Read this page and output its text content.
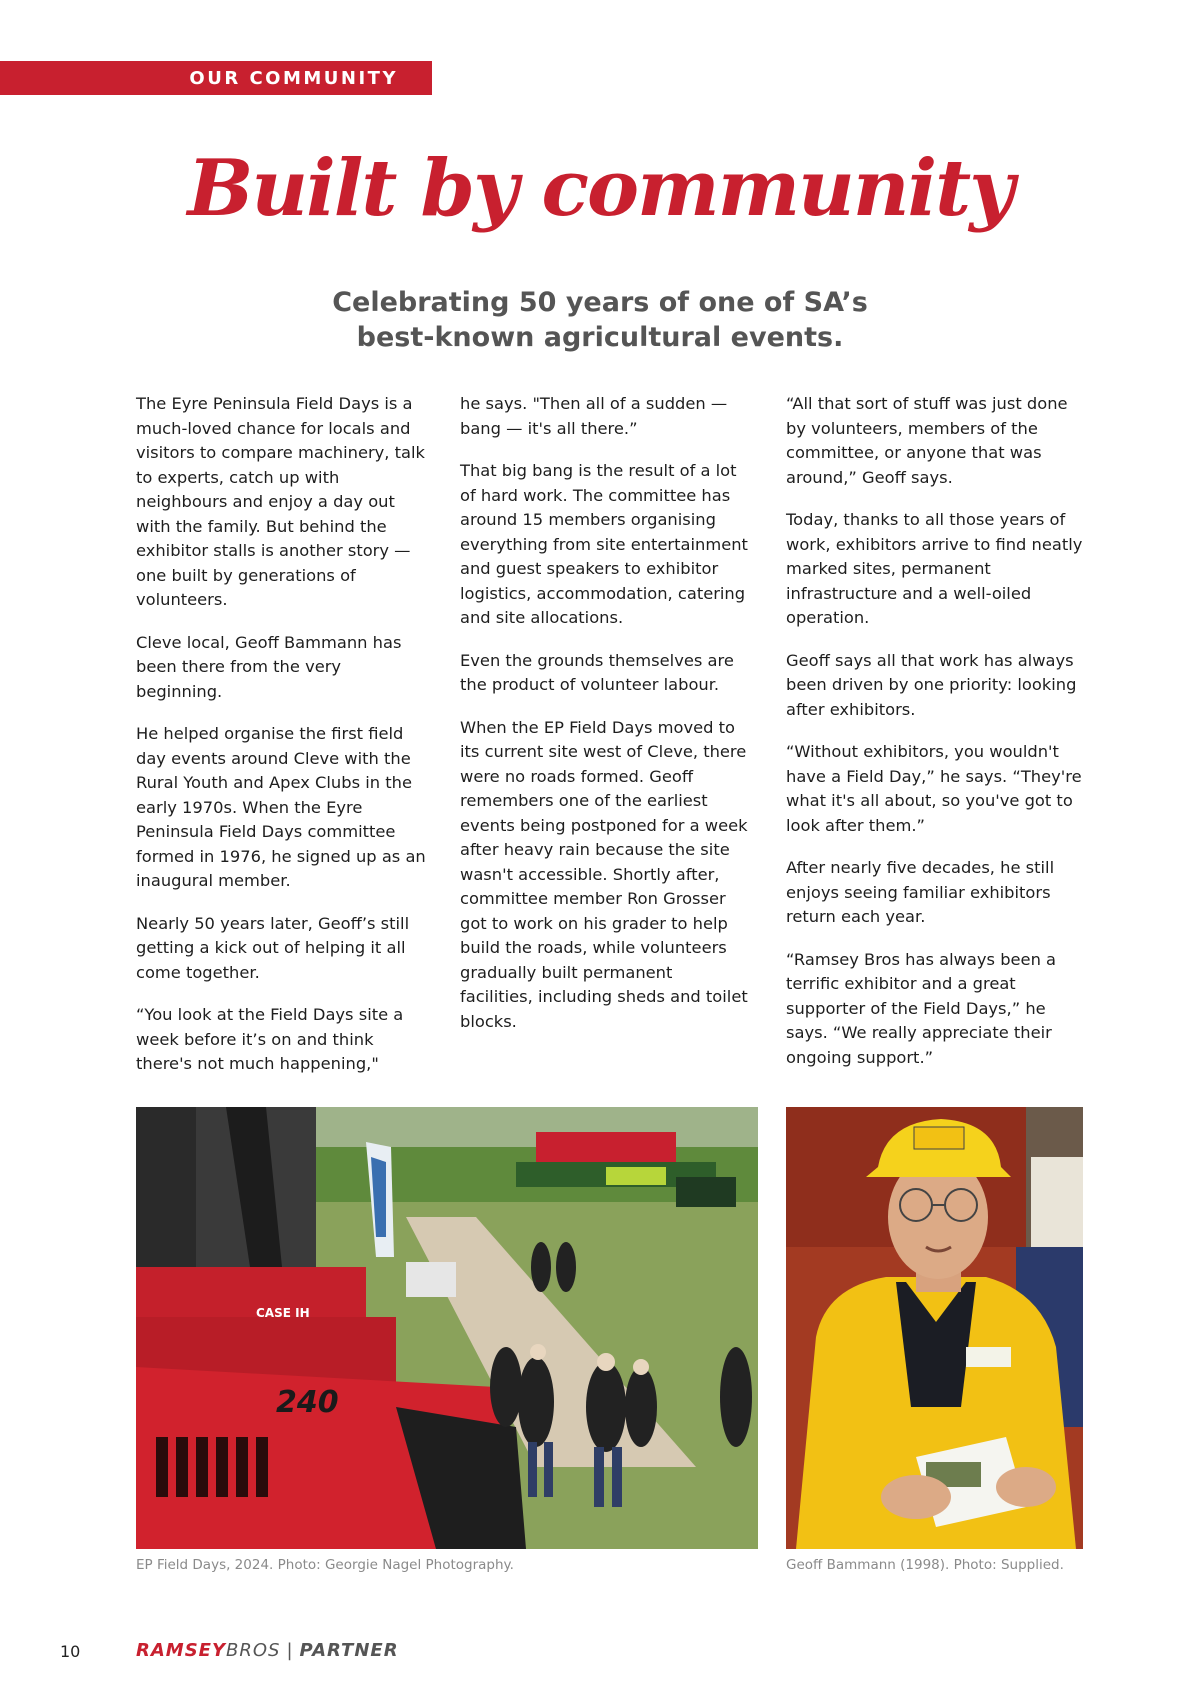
OUR COMMUNITY
Built by community
Celebrating 50 years of one of SA’s best-known agricultural events.

The Eyre Peninsula Field Days is a much-loved chance for locals and visitors to compare machinery, talk to experts, catch up with neighbours and enjoy a day out with the family. But behind the exhibitor stalls is another story — one built by generations of volunteers.

Cleve local, Geoff Bammann has been there from the very beginning.

He helped organise the first field day events around Cleve with the Rural Youth and Apex Clubs in the early 1970s. When the Eyre Peninsula Field Days committee formed in 1976, he signed up as an inaugural member.

Nearly 50 years later, Geoff’s still getting a kick out of helping it all come together.

“You look at the Field Days site a week before it’s on and think there's not much happening,"

he says. "Then all of a sudden — bang — it's all there.”

That big bang is the result of a lot of hard work. The committee has around 15 members organising everything from site entertainment and guest speakers to exhibitor logistics, accommodation, catering and site allocations.

Even the grounds themselves are the product of volunteer labour.

When the EP Field Days moved to its current site west of Cleve, there were no roads formed. Geoff remembers one of the earliest events being postponed for a week after heavy rain because the site wasn't accessible. Shortly after, committee member Ron Grosser got to work on his grader to help build the roads, while volunteers gradually built permanent facilities, including sheds and toilet blocks.

“All that sort of stuff was just done by volunteers, members of the committee, or anyone that was around,” Geoff says.

Today, thanks to all those years of work, exhibitors arrive to find neatly marked sites, permanent infrastructure and a well-oiled operation.

Geoff says all that work has always been driven by one priority: looking after exhibitors.

“Without exhibitors, you wouldn't have a Field Day,” he says. “They're what it's all about, so you've got to look after them.”

After nearly five decades, he still enjoys seeing familiar exhibitors return each year.

“Ramsey Bros has always been a terrific exhibitor and a great supporter of the Field Days,” he says. “We really appreciate their ongoing support.”

240
CASE IH
EP Field Days, 2024. Photo: Georgie Nagel Photography.	Geoff Bammann (1998). Photo: Supplied.
10	RAMSEYBROS | PARTNER
